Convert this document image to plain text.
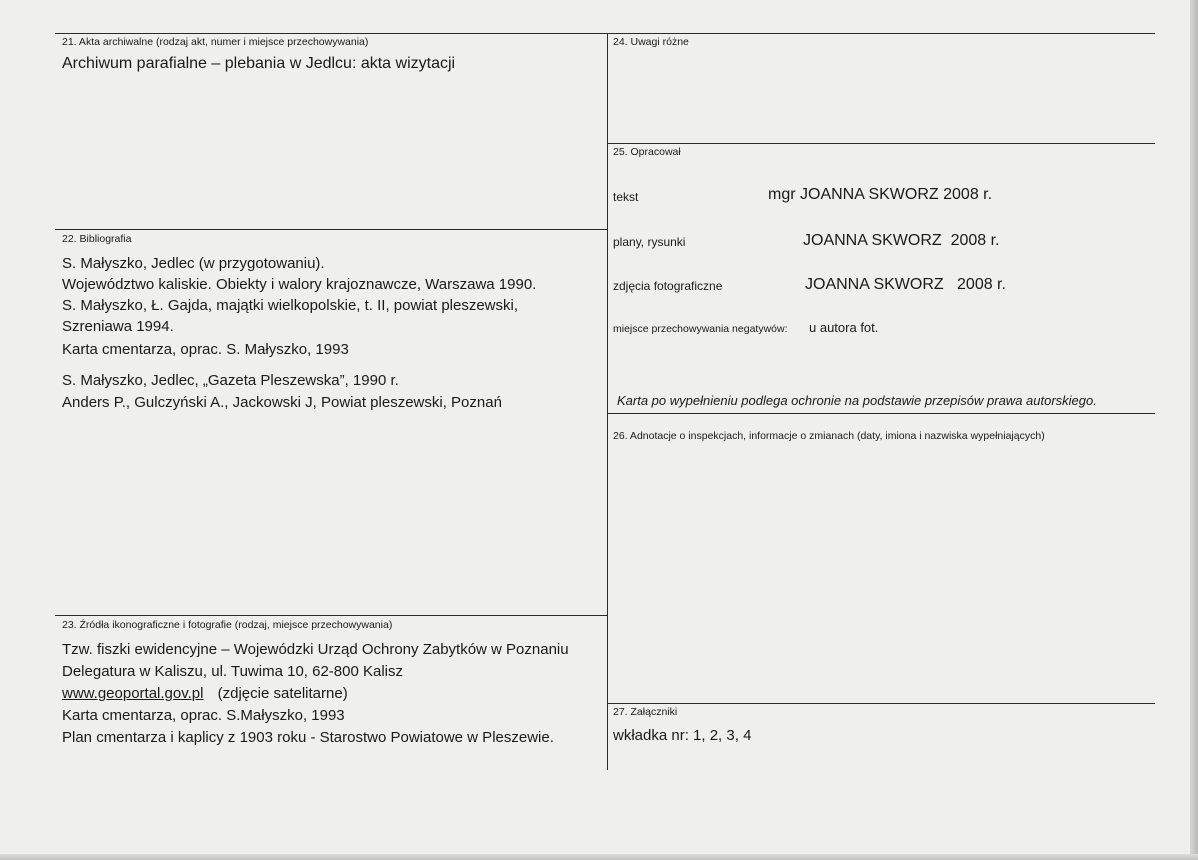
21. Akta archiwalne (rodzaj akt, numer i miejsce przechowywania)
Archiwum parafialne – plebania w Jedlcu: akta wizytacji
22. Bibliografia
S. Małyszko, Jedlec (w przygotowaniu).
Województwo kaliskie. Obiekty i walory krajoznawcze, Warszawa 1990.
S. Małyszko, Ł. Gajda, majątki wielkopolskie, t. II, powiat pleszewski,
Szreniawa 1994.
Karta cmentarza, oprac. S. Małyszko, 1993
S. Małyszko, Jedlec, „Gazeta Pleszewska”, 1990 r.
Anders P., Gulczyński A., Jackowski J, Powiat pleszewski, Poznań
23. Źródła ikonograficzne i fotografie (rodzaj, miejsce przechowywania)
Tzw. fiszki ewidencyjne – Wojewódzki Urząd Ochrony Zabytków w Poznaniu
Delegatura w Kaliszu, ul. Tuwima 10, 62-800 Kalisz
www.geoportal.gov.pl (zdjęcie satelitarne)
Karta cmentarza, oprac. S.Małyszko, 1993
Plan cmentarza i kaplicy z 1903 roku - Starostwo Powiatowe w Pleszewie.
24. Uwagi różne
25. Opracował
tekst	mgr JOANNA SKWORZ 2008 r.
plany, rysunki	JOANNA SKWORZ  2008 r.
zdjęcia fotograficzne	JOANNA SKWORZ   2008 r.
miejsce przechowywania negatywów: u autora fot.
Karta po wypełnieniu podlega ochronie na podstawie przepisów prawa autorskiego.
26. Adnotacje o inspekcjach, informacje o zmianach (daty, imiona i nazwiska wypełniających)
27. Załączniki
wkładka nr: 1, 2, 3, 4
